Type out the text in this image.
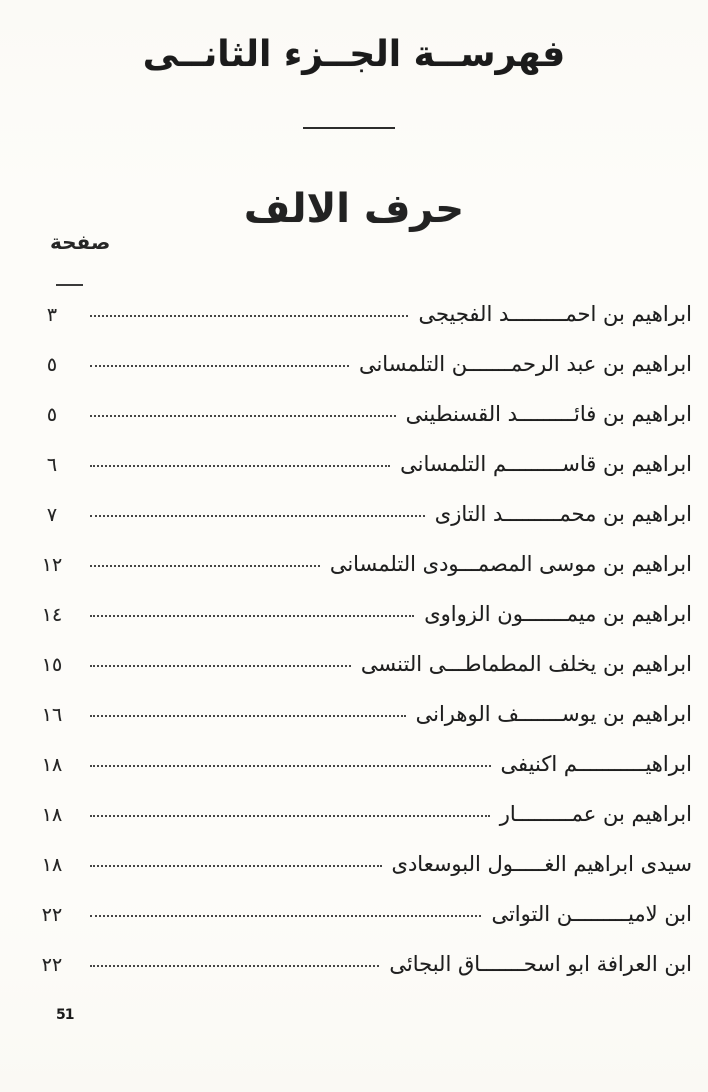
فهرســة الجــزء الثانــى
حرف الالف
صفحة
ابراهيم بن احمـــــــــد الفجيجى
٣
ابراهيم بن عبد الرحمـــــــن التلمسانى
٥
ابراهيم بن فائـــــــــد القسنطينى
٥
ابراهيم بن قاســـــــــم التلمسانى
٦
ابراهيم بن محمـــــــــد التازى
٧
ابراهيم بن موسى المصمـــودى التلمسانى
١٢
ابراهيم بن ميمـــــــون الزواوى
١٤
ابراهيم بن يخلف المطماطـــى التنسى
١٥
ابراهيم بن يوســـــــف الوهرانى
١٦
ابراهيـــــــــــم اكنيفى
١٨
ابراهيم بن عمـــــــــار
١٨
سيدى ابراهيم الغـــــول البوسعادى
١٨
ابن لاميـــــــــن التواتى
٢٢
ابن العرافة ابو اسحـــــــاق البجائى
٢٢
51
